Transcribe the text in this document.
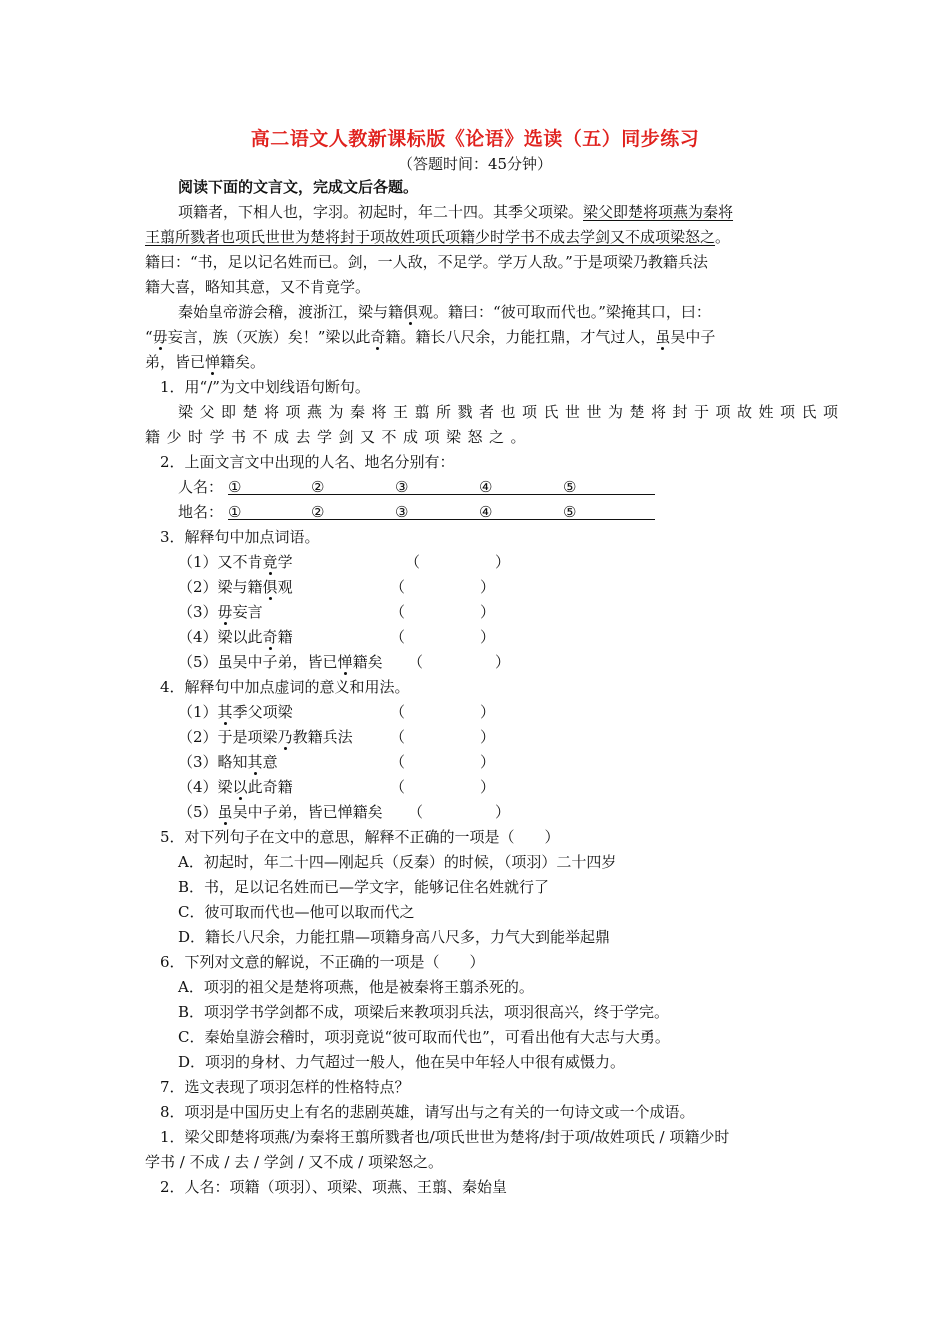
高二语文人教新课标版《论语》选读（五）同步练习
（答题时间：45分钟）
阅读下面的文言文，完成文后各题。
项籍者，下相人也，字羽。初起时，年二十四。其季父项梁。梁父即楚将项燕为秦将
王翦所戮者也项氏世世为楚将封于项故姓项氏项籍少时学书不成去学剑又不成项梁怒之。
籍曰：“书，足以记名姓而已。剑，一人敌，不足学。学万人敌。”于是项梁乃教籍兵法
籍大喜，略知其意，又不肯竟学。
秦始皇帝游会稽，渡浙江，梁与籍俱观。籍曰：“彼可取而代也。”梁掩其口，曰：
“毋妄言，族（灭族）矣！”梁以此奇籍。籍长八尺余，力能扛鼎，才气过人，虽吴中子
弟，皆已惮籍矣。
1．用“/”为文中划线语句断句。
梁父即楚将项燕为秦将王翦所戮者也项氏世世为楚将封于项故姓项氏项
籍少时学书不成去学剑又不成项梁怒之。
2．上面文言文中出现的人名、地名分别有：
人名： ①	②	③	④	⑤
地名： ①	②	③	④	⑤
3．解释句中加点词语。
（1）又不肯竟学	（	）
（2）梁与籍俱观	（	）
（3）毋妄言	（	）
（4）梁以此奇籍	（	）
（5）虽吴中子弟，皆已惮籍矣 （	）
4．解释句中加点虚词的意义和用法。
（1）其季父项梁	（	）
（2）于是项梁乃教籍兵法 （	）
（3）略知其意	（	）
（4）梁以此奇籍	（	）
（5）虽吴中子弟，皆已惮籍矣 （	）
5．对下列句子在文中的意思，解释不正确的一项是（　　）
A．初起时，年二十四—刚起兵（反秦）的时候，（项羽）二十四岁
B．书，足以记名姓而已—学文字，能够记住名姓就行了
C．彼可取而代也—他可以取而代之
D．籍长八尺余，力能扛鼎—项籍身高八尺多，力气大到能举起鼎
6．下列对文意的解说，不正确的一项是（　　）
A．项羽的祖父是楚将项燕，他是被秦将王翦杀死的。
B．项羽学书学剑都不成，项梁后来教项羽兵法，项羽很高兴，终于学完。
C．秦始皇游会稽时，项羽竟说“彼可取而代也”，可看出他有大志与大勇。
D．项羽的身材、力气超过一般人，他在吴中年轻人中很有威慑力。
7．选文表现了项羽怎样的性格特点？
8．项羽是中国历史上有名的悲剧英雄，请写出与之有关的一句诗文或一个成语。
1．梁父即楚将项燕/为秦将王翦所戮者也/项氏世世为楚将/封于项/故姓项氏 / 项籍少时
学书 / 不成 / 去 / 学剑 / 又不成 / 项梁怒之。
2．人名：项籍（项羽）、项梁、项燕、王翦、秦始皇
